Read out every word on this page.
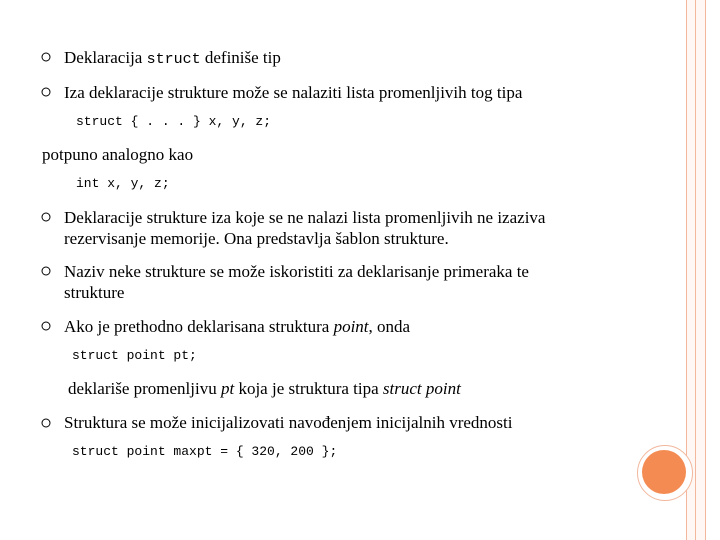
Deklaracija struct definiše tip
Iza deklaracije strukture može se nalaziti lista promenljivih tog tipa
struct { . . . } x, y, z;
potpuno analogno kao
int x, y, z;
Deklaracije strukture iza koje se ne nalazi lista promenljivih ne izaziva
rezervisanje memorije. Ona predstavlja šablon strukture.
Naziv neke strukture se može iskoristiti za deklarisanje primeraka te
strukture
Ako je prethodno deklarisana struktura point, onda
struct point pt;
deklariše promenljivu pt koja je struktura tipa struct point
Struktura se može inicijalizovati navođenjem inicijalnih vrednosti
struct point maxpt = { 320, 200 };
